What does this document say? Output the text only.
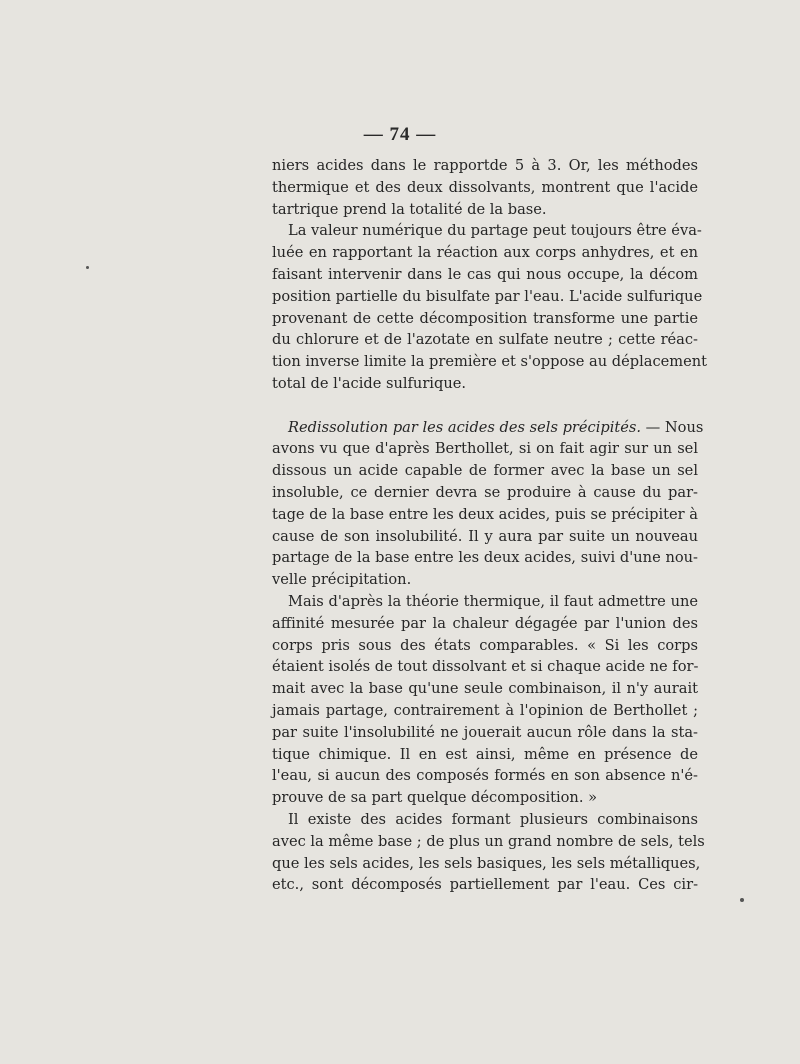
— 74 —
niers acides dans le rapportde 5 à 3. Or, les méthodes
thermique et des deux dissolvants, montrent que l'acide
tartrique prend la totalité de la base.
La valeur numérique du partage peut toujours être éva-
luée en rapportant la réaction aux corps anhydres, et en
faisant intervenir dans le cas qui nous occupe, la décom
position partielle du bisulfate par l'eau. L'acide sulfurique
provenant de cette décomposition transforme une partie
du chlorure et de l'azotate en sulfate neutre ; cette réac-
tion inverse limite la première et s'oppose au déplacement
total de l'acide sulfurique.
Redissolution par les acides des sels précipités. — Nous
avons vu que d'après Berthollet, si on fait agir sur un sel
dissous un acide capable de former avec la base un sel
insoluble, ce dernier devra se produire à cause du par-
tage de la base entre les deux acides, puis se précipiter à
cause de son insolubilité. Il y aura par suite un nouveau
partage de la base entre les deux acides, suivi d'une nou-
velle précipitation.
Mais d'après la théorie thermique, il faut admettre une
affinité mesurée par la chaleur dégagée par l'union des
corps pris sous des états comparables. « Si les corps
étaient isolés de tout dissolvant et si chaque acide ne for-
mait avec la base qu'une seule combinaison, il n'y aurait
jamais partage, contrairement à l'opinion de Berthollet ;
par suite l'insolubilité ne jouerait aucun rôle dans la sta-
tique chimique. Il en est ainsi, même en présence de
l'eau, si aucun des composés formés en son absence n'é-
prouve de sa part quelque décomposition. »
Il existe des acides formant plusieurs combinaisons
avec la même base ; de plus un grand nombre de sels, tels
que les sels acides, les sels basiques, les sels métalliques,
etc., sont décomposés partiellement par l'eau. Ces cir-
